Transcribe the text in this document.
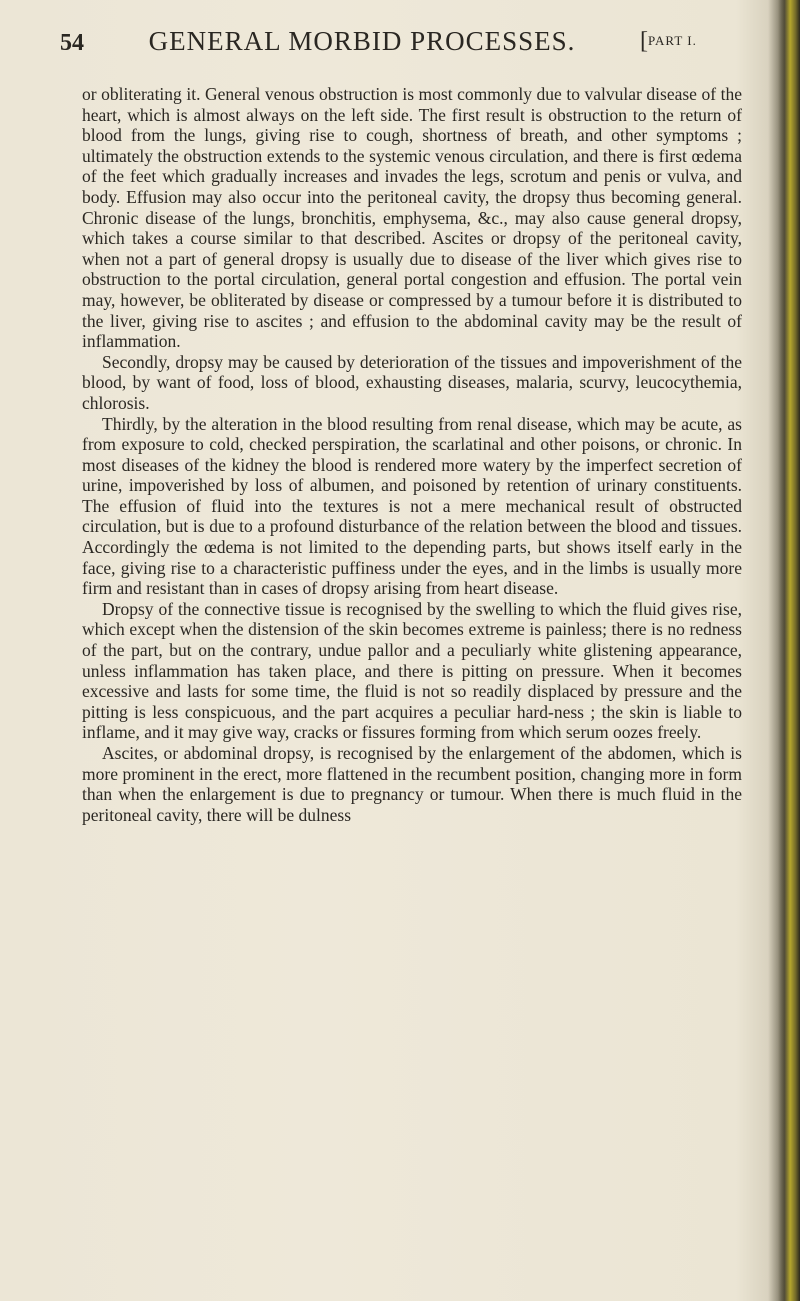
54	GENERAL MORBID PROCESSES.	[PART I.

or obliterating it. General venous obstruction is most commonly due to valvular disease of the heart, which is almost always on the left side. The first result is obstruction to the return of blood from the lungs, giving rise to cough, shortness of breath, and other symptoms ; ultimately the obstruction extends to the systemic venous circulation, and there is first œdema of the feet which gradually increases and invades the legs, scrotum and penis or vulva, and body. Effusion may also occur into the peritoneal cavity, the dropsy thus becoming general. Chronic disease of the lungs, bronchitis, emphysema, &c., may also cause general dropsy, which takes a course similar to that described. Ascites or dropsy of the peritoneal cavity, when not a part of general dropsy is usually due to disease of the liver which gives rise to obstruction to the portal circulation, general portal congestion and effusion. The portal vein may, however, be obliterated by disease or compressed by a tumour before it is distributed to the liver, giving rise to ascites ; and effusion to the abdominal cavity may be the result of inflammation.

Secondly, dropsy may be caused by deterioration of the tissues and impoverishment of the blood, by want of food, loss of blood, exhausting diseases, malaria, scurvy, leucocythemia, chlorosis.

Thirdly, by the alteration in the blood resulting from renal disease, which may be acute, as from exposure to cold, checked perspiration, the scarlatinal and other poisons, or chronic. In most diseases of the kidney the blood is rendered more watery by the imperfect secretion of urine, impoverished by loss of albumen, and poisoned by retention of urinary constituents. The effusion of fluid into the textures is not a mere mechanical result of obstructed circulation, but is due to a profound disturbance of the relation between the blood and tissues. Accordingly the œdema is not limited to the depending parts, but shows itself early in the face, giving rise to a characteristic puffiness under the eyes, and in the limbs is usually more firm and resistant than in cases of dropsy arising from heart disease.

Dropsy of the connective tissue is recognised by the swelling to which the fluid gives rise, which except when the distension of the skin becomes extreme is painless; there is no redness of the part, but on the contrary, undue pallor and a peculiarly white glistening appearance, unless inflammation has taken place, and there is pitting on pressure. When it becomes excessive and lasts for some time, the fluid is not so readily displaced by pressure and the pitting is less conspicuous, and the part acquires a peculiar hard-ness ; the skin is liable to inflame, and it may give way, cracks or fissures forming from which serum oozes freely.

Ascites, or abdominal dropsy, is recognised by the enlargement of the abdomen, which is more prominent in the erect, more flattened in the recumbent position, changing more in form than when the enlargement is due to pregnancy or tumour. When there is much fluid in the peritoneal cavity, there will be dulness
